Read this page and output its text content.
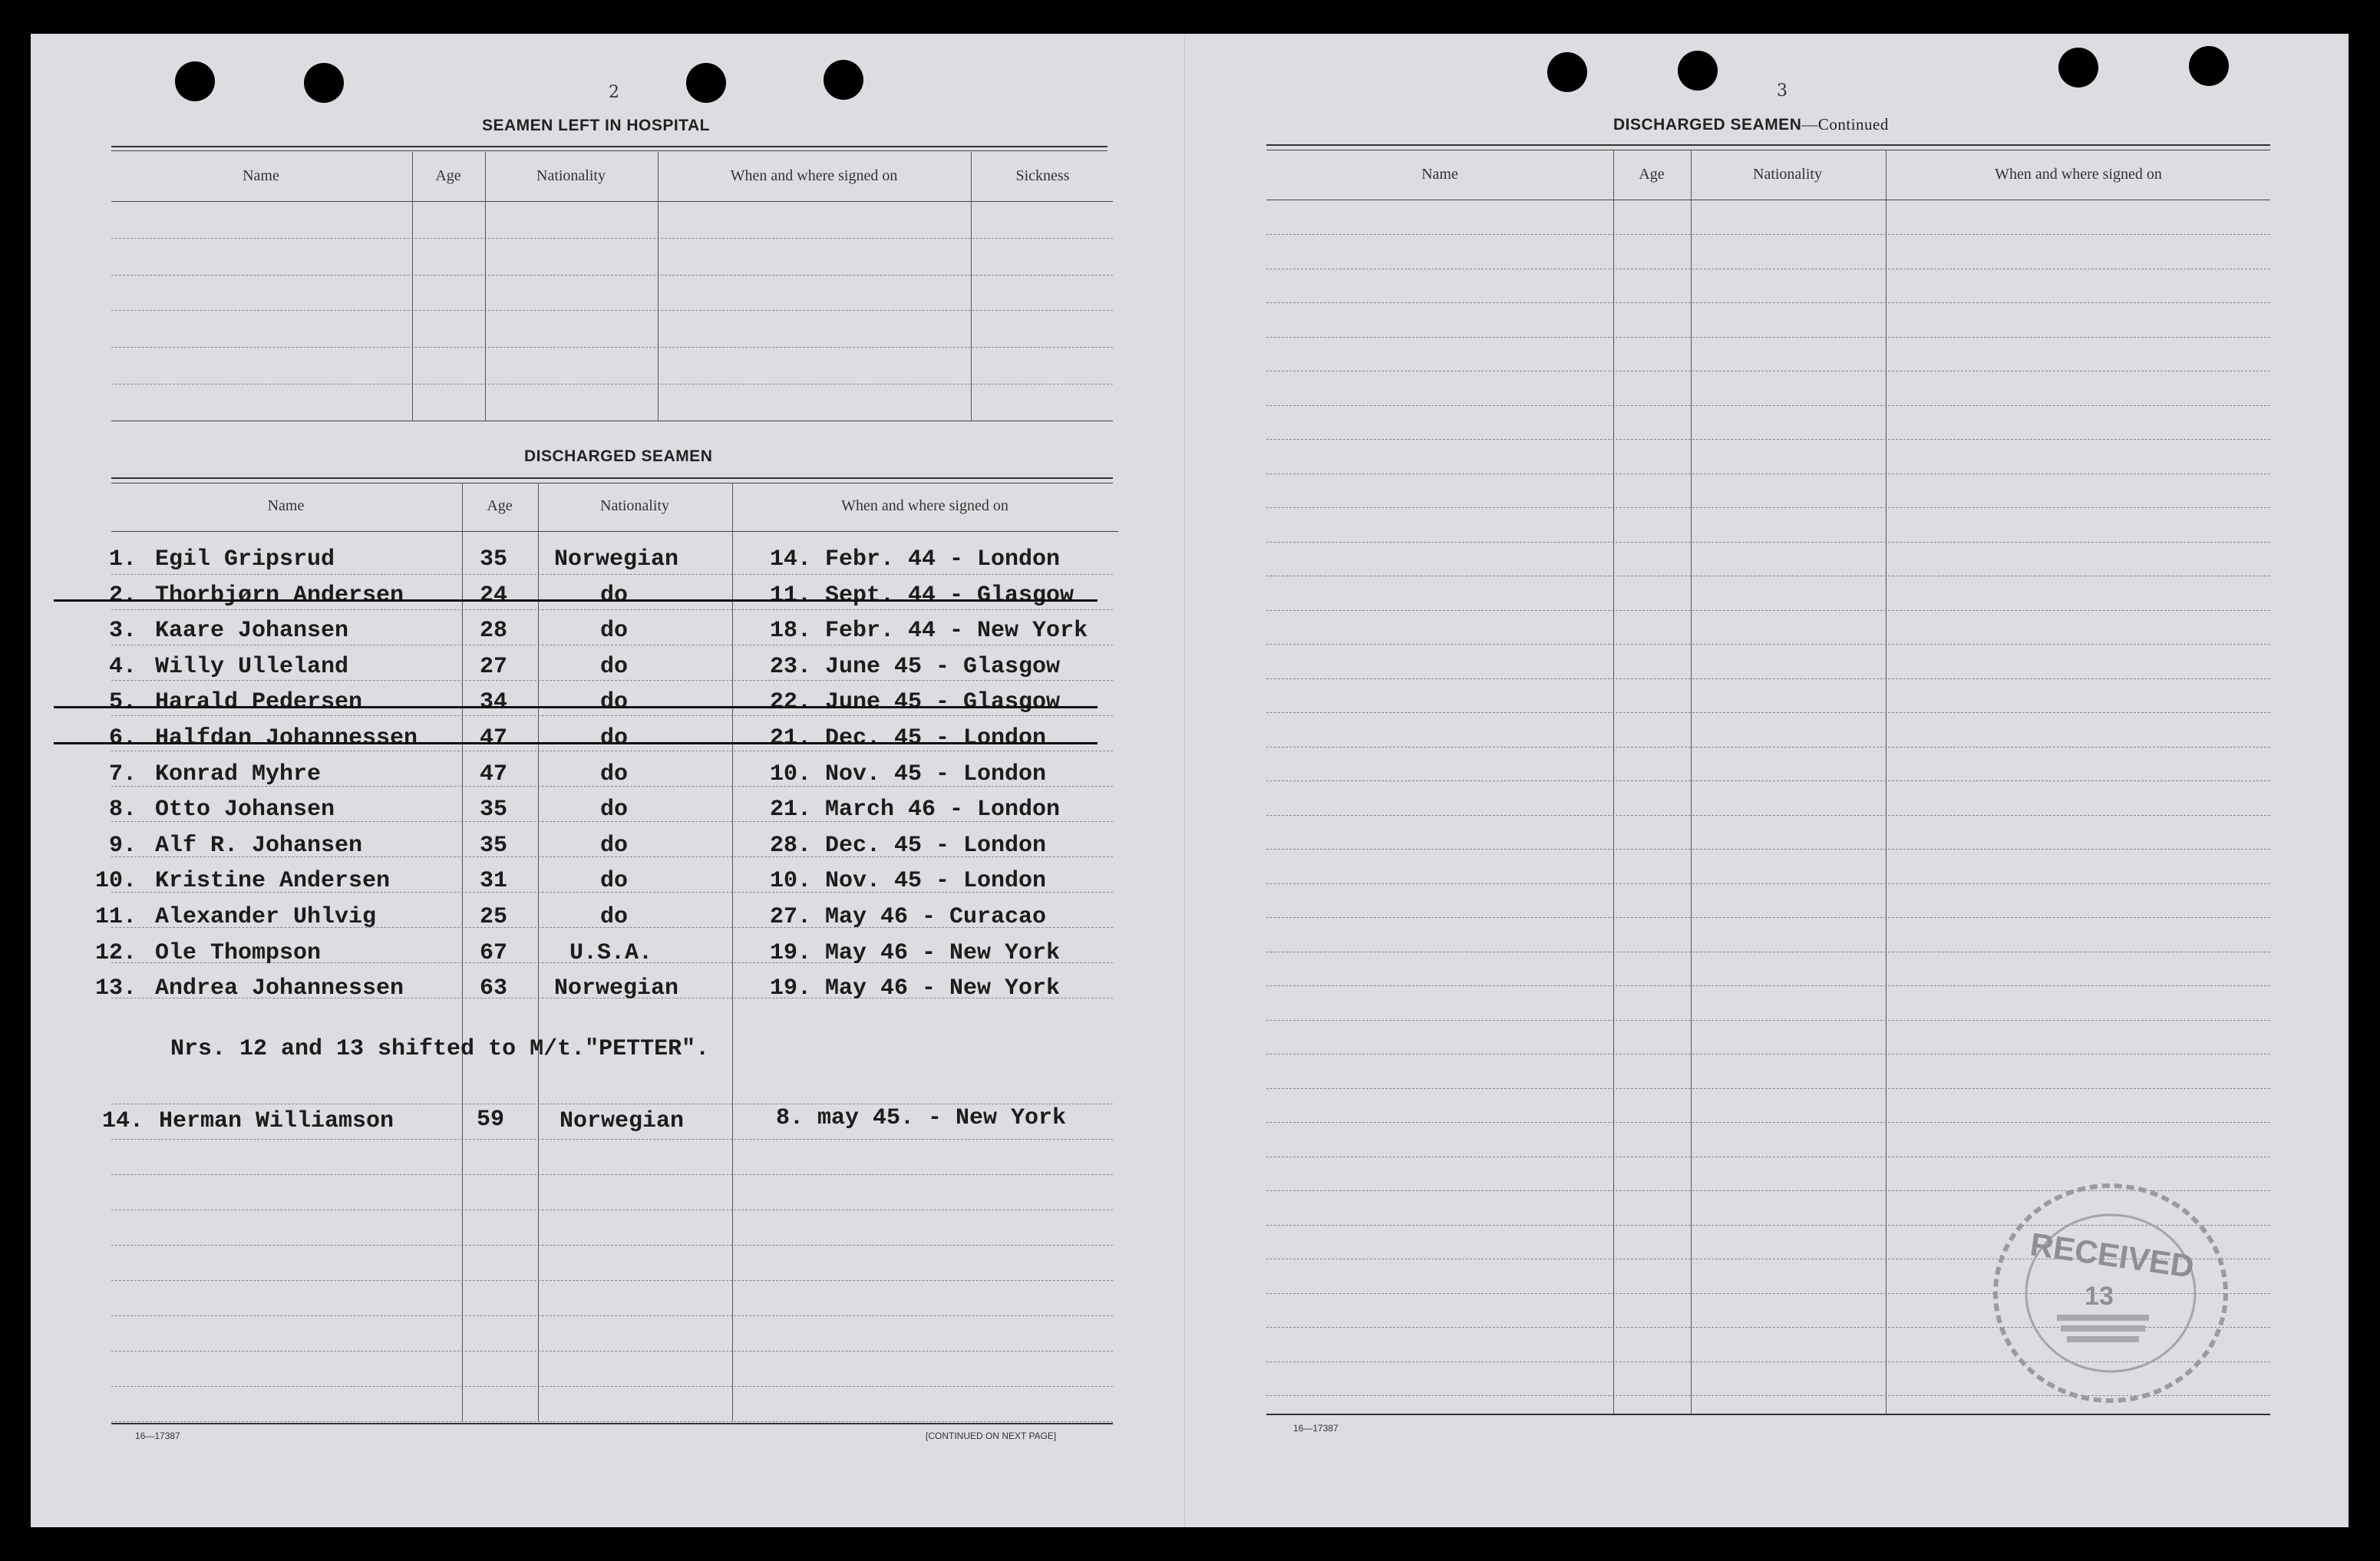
2
SEAMEN LEFT IN HOSPITAL
Name	Age	Nationality	When and where signed on	Sickness
DISCHARGED SEAMEN
Name	Age	Nationality	When and where signed on
1. Egil Gripsrud	35 Norwegian	14. Febr. 44 - London
2. Thorbjørn Andersen	24	do	11. Sept. 44 - Glasgow
3. Kaare Johansen	28	do	18. Febr. 44 - New York
4. Willy Ulleland	27	do	23. June 45 - Glasgow
5. Harald Pedersen	34	do	22. June 45 - Glasgow
6. Halfdan Johannessen	47	do	21. Dec. 45 - London
7. Konrad Myhre	47	do	10. Nov. 45 - London
8. Otto Johansen	35	do	21. March 46 - London
9. Alf R. Johansen	35	do	28. Dec. 45 - London
10. Kristine Andersen	31	do	10. Nov. 45 - London
11. Alexander Uhlvig	25	do	27. May 46 - Curacao
12. Ole Thompson	67	U.S.A.	19. May 46 - New York
13. Andrea Johannessen	63 Norwegian	19. May 46 - New York
Nrs. 12 and 13 shifted to M/t."PETTER".
14. Herman Williamson	59 Norwegian	8. may 45. - New York
16—17387	[CONTINUED ON NEXT PAGE]
3
DISCHARGED SEAMEN—Continued
Name	Age	Nationality	When and where signed on
16—17387
RECEIVED
13
